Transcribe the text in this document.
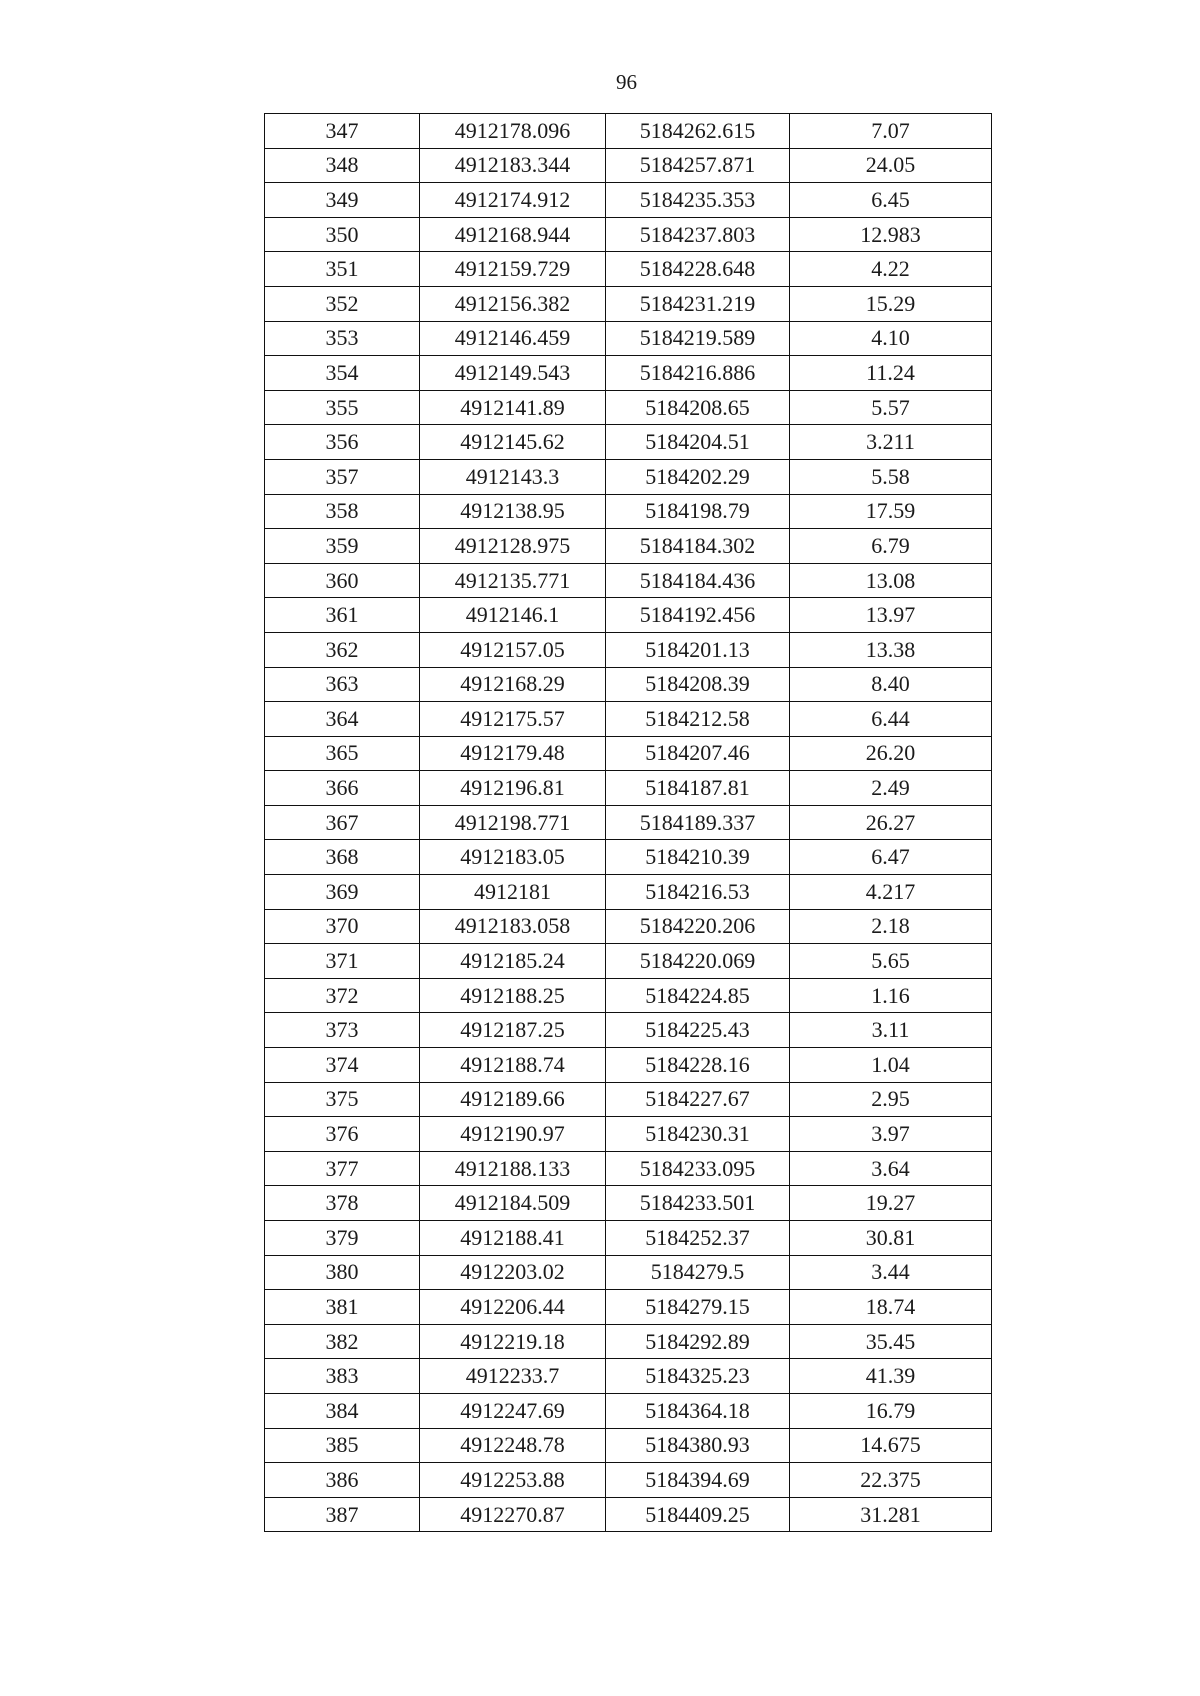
96
347	4912178.096	5184262.615	7.07
348	4912183.344	5184257.871	24.05
349	4912174.912	5184235.353	6.45
350	4912168.944	5184237.803	12.983
351	4912159.729	5184228.648	4.22
352	4912156.382	5184231.219	15.29
353	4912146.459	5184219.589	4.10
354	4912149.543	5184216.886	11.24
355	4912141.89	5184208.65	5.57
356	4912145.62	5184204.51	3.211
357	4912143.3	5184202.29	5.58
358	4912138.95	5184198.79	17.59
359	4912128.975	5184184.302	6.79
360	4912135.771	5184184.436	13.08
361	4912146.1	5184192.456	13.97
362	4912157.05	5184201.13	13.38
363	4912168.29	5184208.39	8.40
364	4912175.57	5184212.58	6.44
365	4912179.48	5184207.46	26.20
366	4912196.81	5184187.81	2.49
367	4912198.771	5184189.337	26.27
368	4912183.05	5184210.39	6.47
369	4912181	5184216.53	4.217
370	4912183.058	5184220.206	2.18
371	4912185.24	5184220.069	5.65
372	4912188.25	5184224.85	1.16
373	4912187.25	5184225.43	3.11
374	4912188.74	5184228.16	1.04
375	4912189.66	5184227.67	2.95
376	4912190.97	5184230.31	3.97
377	4912188.133	5184233.095	3.64
378	4912184.509	5184233.501	19.27
379	4912188.41	5184252.37	30.81
380	4912203.02	5184279.5	3.44
381	4912206.44	5184279.15	18.74
382	4912219.18	5184292.89	35.45
383	4912233.7	5184325.23	41.39
384	4912247.69	5184364.18	16.79
385	4912248.78	5184380.93	14.675
386	4912253.88	5184394.69	22.375
387	4912270.87	5184409.25	31.281
